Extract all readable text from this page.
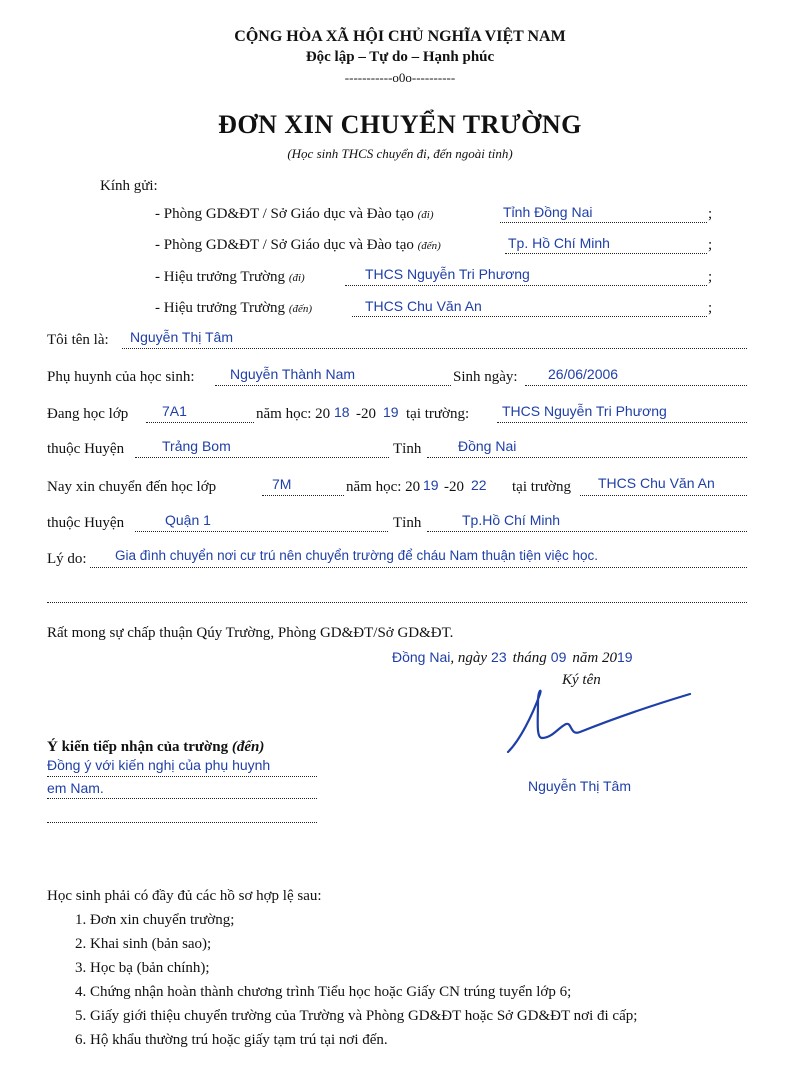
CỘNG HÒA XÃ HỘI CHỦ NGHĨA VIỆT NAM
Độc lập – Tự do – Hạnh phúc
-----------o0o----------
ĐƠN XIN CHUYỂN TRƯỜNG
(Học sinh THCS chuyển đi, đến ngoài tỉnh)
Kính gửi:
- Phòng GD&ĐT / Sở Giáo dục và Đào tạo (đi)	Tỉnh Đồng Nai	;
- Phòng GD&ĐT / Sở Giáo dục và Đào tạo (đến)	Tp. Hồ Chí Minh	;
- Hiệu trưởng Trường (đi)	THCS Nguyễn Tri Phương	;
- Hiệu trưởng Trường (đến)	THCS Chu Văn An	;
Tôi tên là: Nguyễn Thị Tâm
Phụ huynh của học sinh:	Nguyễn Thành Nam	Sinh ngày: 26/06/2006
Đang học lớp 7A1	năm học: 20 18 -20 19 tại trường: THCS Nguyễn Tri Phương
thuộc Huyện	Trảng Bom	Tỉnh	Đồng Nai
Nay xin chuyển đến học lớp	7M	năm học: 20 19 -20 22 tại trường THCS Chu Văn An
thuộc Huyện	Quận 1	Tỉnh	Tp.Hồ Chí Minh
Lý do: Gia đình chuyển nơi cư trú nên chuyển trường để cháu Nam thuận tiện việc học.
Rất mong sự chấp thuận Qúy Trường, Phòng GD&ĐT/Sở GD&ĐT.
Đồng Nai, ngày 23 tháng 09 năm 2019
Ký tên
Nguyễn Thị Tâm
Ý kiến tiếp nhận của trường (đến)
Đồng ý với kiến nghị của phụ huynh
em Nam.
Học sinh phải có đầy đủ các hồ sơ hợp lệ sau:
1. Đơn xin chuyển trường;
2. Khai sinh (bản sao);
3. Học bạ (bản chính);
4. Chứng nhận hoàn thành chương trình Tiểu học hoặc Giấy CN trúng tuyển lớp 6;
5. Giấy giới thiệu chuyển trường của Trường và Phòng GD&ĐT hoặc Sở GD&ĐT nơi đi cấp;
6. Hộ khẩu thường trú hoặc giấy tạm trú tại nơi đến.
